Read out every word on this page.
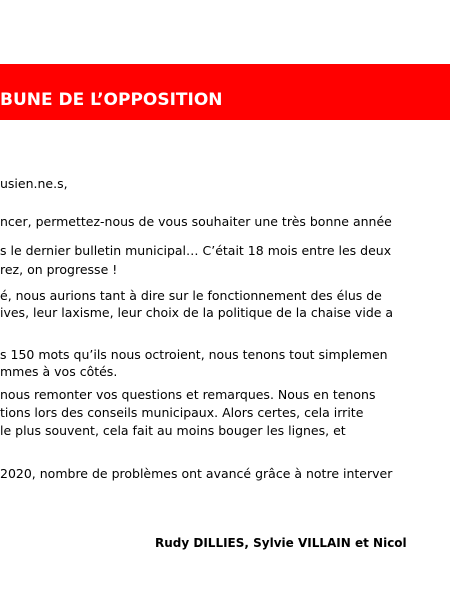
BUNE DE L’OPPOSITION
usien.ne.s,
ncer, permettez-nous de vous souhaiter une très bonne année
s le dernier bulletin municipal… C’était 18 mois entre les deux
rez, on progresse !
é, nous aurions tant à dire sur le fonctionnement des élus de
ives, leur laxisme, leur choix de la politique de la chaise vide a
s 150 mots qu’ils nous octroient, nous tenons tout simplemen
mmes à vos côtés.
nous remonter vos questions et remarques. Nous en tenons
tions lors des conseils municipaux. Alors certes, cela irrite
le plus souvent, cela fait au moins bouger les lignes, et
2020, nombre de problèmes ont avancé grâce à notre interver
Rudy DILLIES, Sylvie VILLAIN et Nicol
